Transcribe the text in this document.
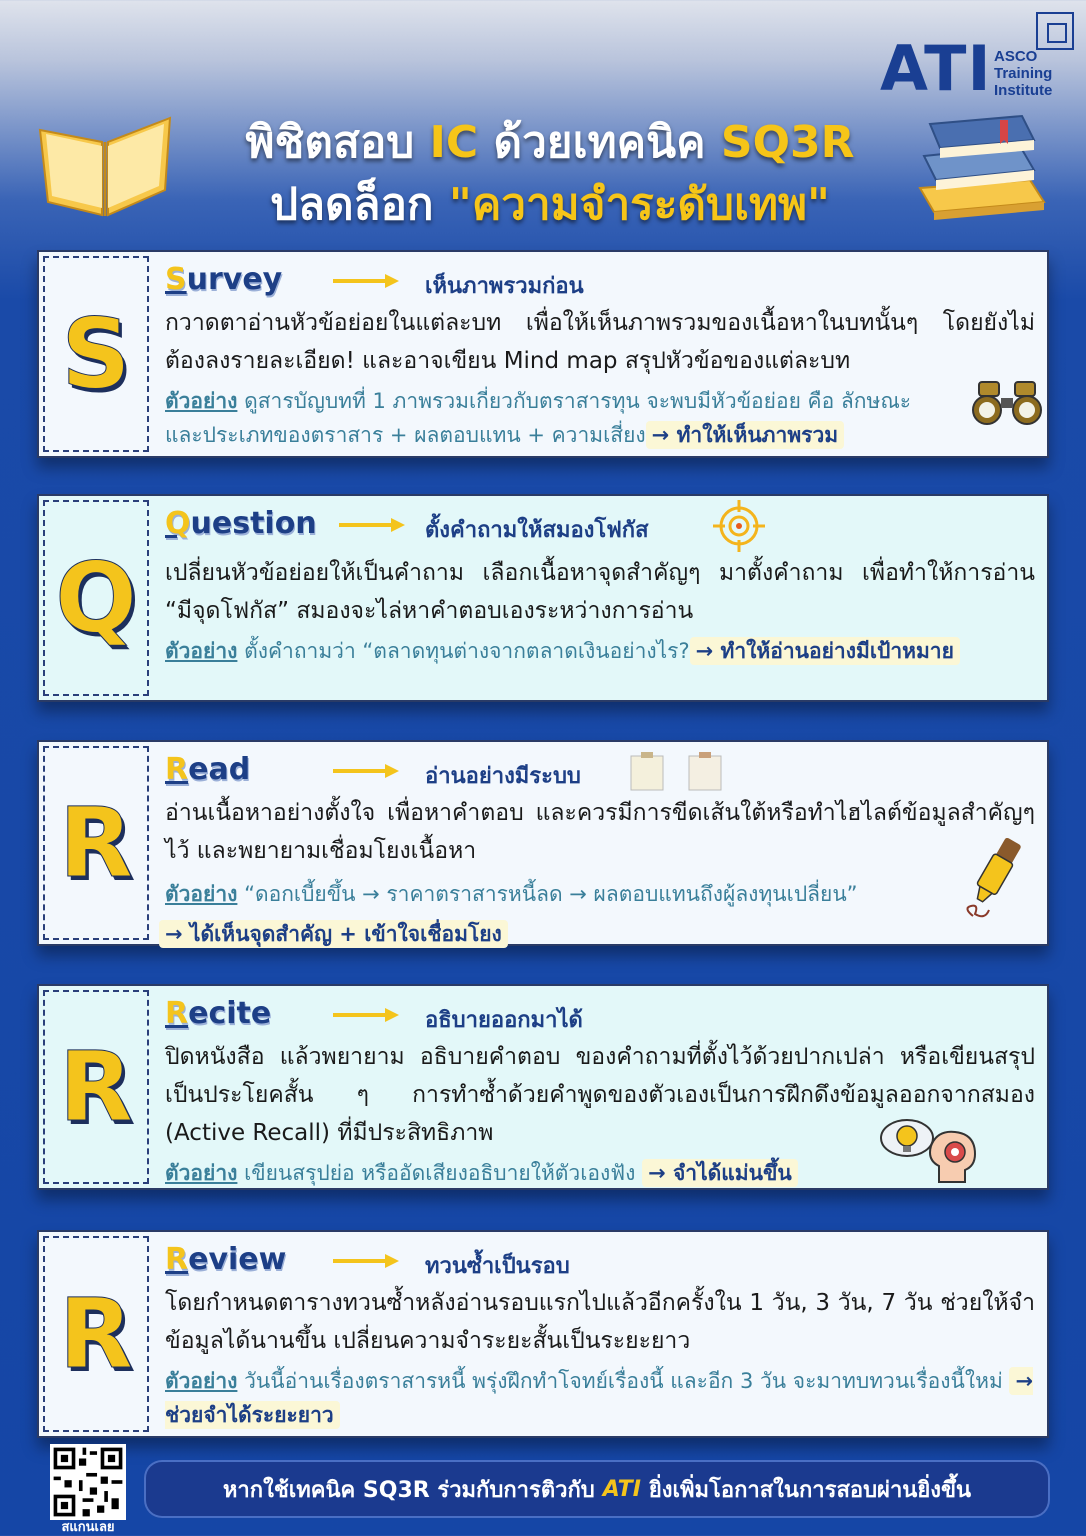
ATI ASCO
Training
Institute
พิชิตสอบ IC ด้วยเทคนิค SQ3R
ปลดล็อก "ความจำระดับเทพ"
S
Survey	เห็นภาพรวมก่อน
กวาดตาอ่านหัวข้อย่อยในแต่ละบท เพื่อให้เห็นภาพรวมของเนื้อหาในบทนั้นๆ โดยยังไม่ต้องลงรายละเอียด! และอาจเขียน Mind map สรุปหัวข้อของแต่ละบท
ตัวอย่าง ดูสารบัญบทที่ 1 ภาพรวมเกี่ยวกับตราสารทุน จะพบมีหัวข้อย่อย คือ ลักษณะและประเภทของตราสาร + ผลตอบแทน + ความเสี่ยง → ทำให้เห็นภาพรวม
Q
Question	ตั้งคำถามให้สมองโฟกัส
เปลี่ยนหัวข้อย่อยให้เป็นคำถาม เลือกเนื้อหาจุดสำคัญๆ มาตั้งคำถาม เพื่อทำให้การอ่าน “มีจุดโฟกัส” สมองจะไล่หาคำตอบเองระหว่างการอ่าน
ตัวอย่าง ตั้งคำถามว่า “ตลาดทุนต่างจากตลาดเงินอย่างไร? → ทำให้อ่านอย่างมีเป้าหมาย
R
Read	อ่านอย่างมีระบบ
อ่านเนื้อหาอย่างตั้งใจ เพื่อหาคำตอบ และควรมีการขีดเส้นใต้หรือทำไฮไลต์ข้อมูลสำคัญๆ ไว้ และพยายามเชื่อมโยงเนื้อหา
ตัวอย่าง “ดอกเบี้ยขึ้น → ราคาตราสารหนี้ลด → ผลตอบแทนถึงผู้ลงทุนเปลี่ยน”
→ ได้เห็นจุดสำคัญ + เข้าใจเชื่อมโยง
R
Recite	อธิบายออกมาได้
ปิดหนังสือ แล้วพยายาม อธิบายคำตอบ ของคำถามที่ตั้งไว้ด้วยปากเปล่า หรือเขียนสรุป เป็นประโยคสั้น ๆ การทำซ้ำด้วยคำพูดของตัวเองเป็นการฝึกดึงข้อมูลออกจากสมอง (Active Recall) ที่มีประสิทธิภาพ
ตัวอย่าง เขียนสรุปย่อ หรืออัดเสียงอธิบายให้ตัวเองฟัง → จำได้แม่นขึ้น
R
Review	ทวนซ้ำเป็นรอบ
โดยกำหนดตารางทวนซ้ำหลังอ่านรอบแรกไปแล้วอีกครั้งใน 1 วัน, 3 วัน, 7 วัน ช่วยให้จำข้อมูลได้นานขึ้น เปลี่ยนความจำระยะสั้นเป็นระยะยาว
ตัวอย่าง วันนี้อ่านเรื่องตราสารหนี้ พรุ่งฝึกทำโจทย์เรื่องนี้ และอีก 3 วัน จะมาทบทวนเรื่องนี้ใหม่ → ช่วยจำได้ระยะยาว
สแกนเลย
หากใช้เทคนิค SQ3R ร่วมกับการติวกับ ATI ยิ่งเพิ่มโอกาสในการสอบผ่านยิ่งขึ้น
